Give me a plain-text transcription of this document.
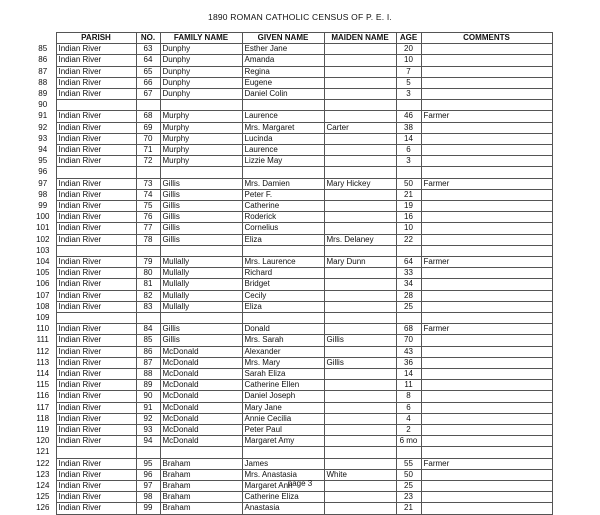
1890 ROMAN CATHOLIC CENSUS OF P. E. I.
	PARISH	NO.	FAMILY NAME	GIVEN NAME	MAIDEN NAME	AGE	COMMENTS
85	Indian River	63	Dunphy	Esther Jane		20	
86	Indian River	64	Dunphy	Amanda		10	
87	Indian River	65	Dunphy	Regina		7	
88	Indian River	66	Dunphy	Eugene		5	
89	Indian River	67	Dunphy	Daniel Colin		3	
90							
91	Indian River	68	Murphy	Laurence		46	Farmer
92	Indian River	69	Murphy	Mrs. Margaret	Carter	38	
93	Indian River	70	Murphy	Lucinda		14	
94	Indian River	71	Murphy	Laurence		6	
95	Indian River	72	Murphy	Lizzie May		3	
96							
97	Indian River	73	Gillis	Mrs. Damien	Mary Hickey	50	Farmer
98	Indian River	74	Gillis	Peter F.		21	
99	Indian River	75	Gillis	Catherine		19	
100	Indian River	76	Gillis	Roderick		16	
101	Indian River	77	Gillis	Cornelius		10	
102	Indian River	78	Gillis	Eliza	Mrs. Delaney	22	
103							
104	Indian River	79	Mullally	Mrs. Laurence	Mary Dunn	64	Farmer
105	Indian River	80	Mullally	Richard		33	
106	Indian River	81	Mullally	Bridget		34	
107	Indian River	82	Mullally	Cecily		28	
108	Indian River	83	Mullally	Eliza		25	
109							
110	Indian River	84	Gillis	Donald		68	Farmer
111	Indian River	85	Gillis	Mrs. Sarah	Gillis	70	
112	Indian River	86	McDonald	Alexander		43	
113	Indian River	87	McDonald	Mrs. Mary	Gillis	36	
114	Indian River	88	McDonald	Sarah Eliza		14	
115	Indian River	89	McDonald	Catherine Ellen		11	
116	Indian River	90	McDonald	Daniel Joseph		8	
117	Indian River	91	McDonald	Mary Jane		6	
118	Indian River	92	McDonald	Annie Cecilia		4	
119	Indian River	93	McDonald	Peter Paul		2	
120	Indian River	94	McDonald	Margaret Amy		6 mo	
121							
122	Indian River	95	Braham	James		55	Farmer
123	Indian River	96	Braham	Mrs. Anastasia	White	50	
124	Indian River	97	Braham	Margaret Ann		25	
125	Indian River	98	Braham	Catherine Eliza		23	
126	Indian River	99	Braham	Anastasia		21	
page 3
